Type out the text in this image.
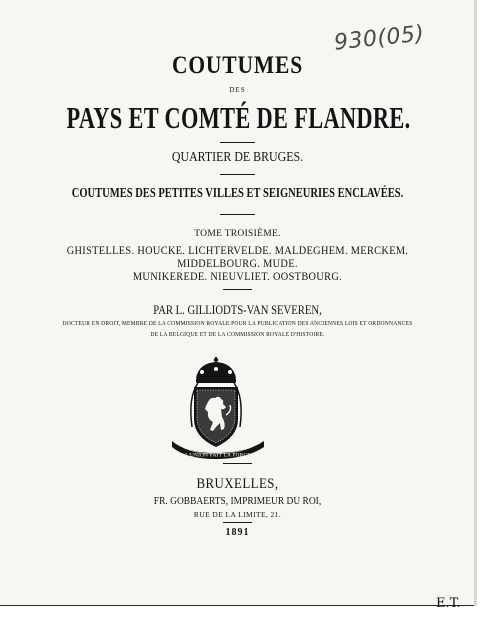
930(05)
COUTUMES
DES
PAYS ET COMTÉ DE FLANDRE.
QUARTIER DE BRUGES.
COUTUMES DES PETITES VILLES ET SEIGNEURIES ENCLAVÉES.
TOME TROISIÈME.
GHISTELLES. HOUCKE. LICHTERVELDE. MALDEGHEM. MERCKEM.
MIDDELBOURG. MUDE.
MUNIKEREDE. NIEUVLIET. OOSTBOURG.
PAR L. GILLIODTS-VAN SEVEREN,
DOCTEUR EN DROIT, MEMBRE DE LA COMMISSION ROYALE POUR LA PUBLICATION DES ANCIENNES LOIS ET ORDONNANCES
DE LA BELGIQUE ET DE LA COMMISSION ROYALE D'HISTOIRE.
L'UNION FAIT LA FORCE
BRUXELLES,
FR. GOBBAERTS, IMPRIMEUR DU ROI,
RUE DE LA LIMITE, 21.
1891
E.T.
